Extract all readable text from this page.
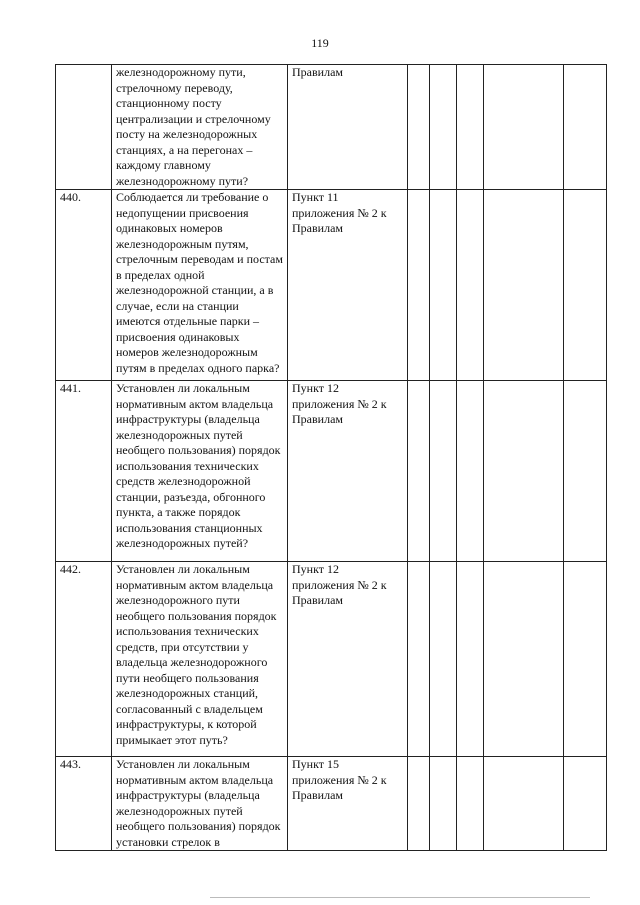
119
	железнодорожному пути, стрелочному переводу, станционному посту централизации и стрелочному посту на железнодорожных станциях, а на перегонах – каждому главному железнодорожному пути?	Правилам					
440.	Соблюдается ли требование о недопущении присвоения одинаковых номеров железнодорожным путям, стрелочным переводам и постам в пределах одной железнодорожной станции, а в случае, если на станции имеются отдельные парки – присвоения одинаковых номеров железнодорожным путям в пределах одного парка?	Пункт 11 приложения № 2 к Правилам					
441.	Установлен ли локальным нормативным актом владельца инфраструктуры (владельца железнодорожных путей необщего пользования) порядок использования технических средств железнодорожной станции, разъезда, обгонного пункта, а также порядок использования станционных железнодорожных путей?	Пункт 12 приложения № 2 к Правилам					
442.	Установлен ли локальным нормативным актом владельца железнодорожного пути необщего пользования порядок использования технических средств, при отсутствии у владельца железнодорожного пути необщего пользования железнодорожных станций, согласованный с владельцем инфраструктуры, к которой примыкает этот путь?	Пункт 12 приложения № 2 к Правилам					
443.	Установлен ли локальным нормативным актом владельца инфраструктуры (владельца железнодорожных путей необщего пользования) порядок установки стрелок в	Пункт 15 приложения № 2 к Правилам					
